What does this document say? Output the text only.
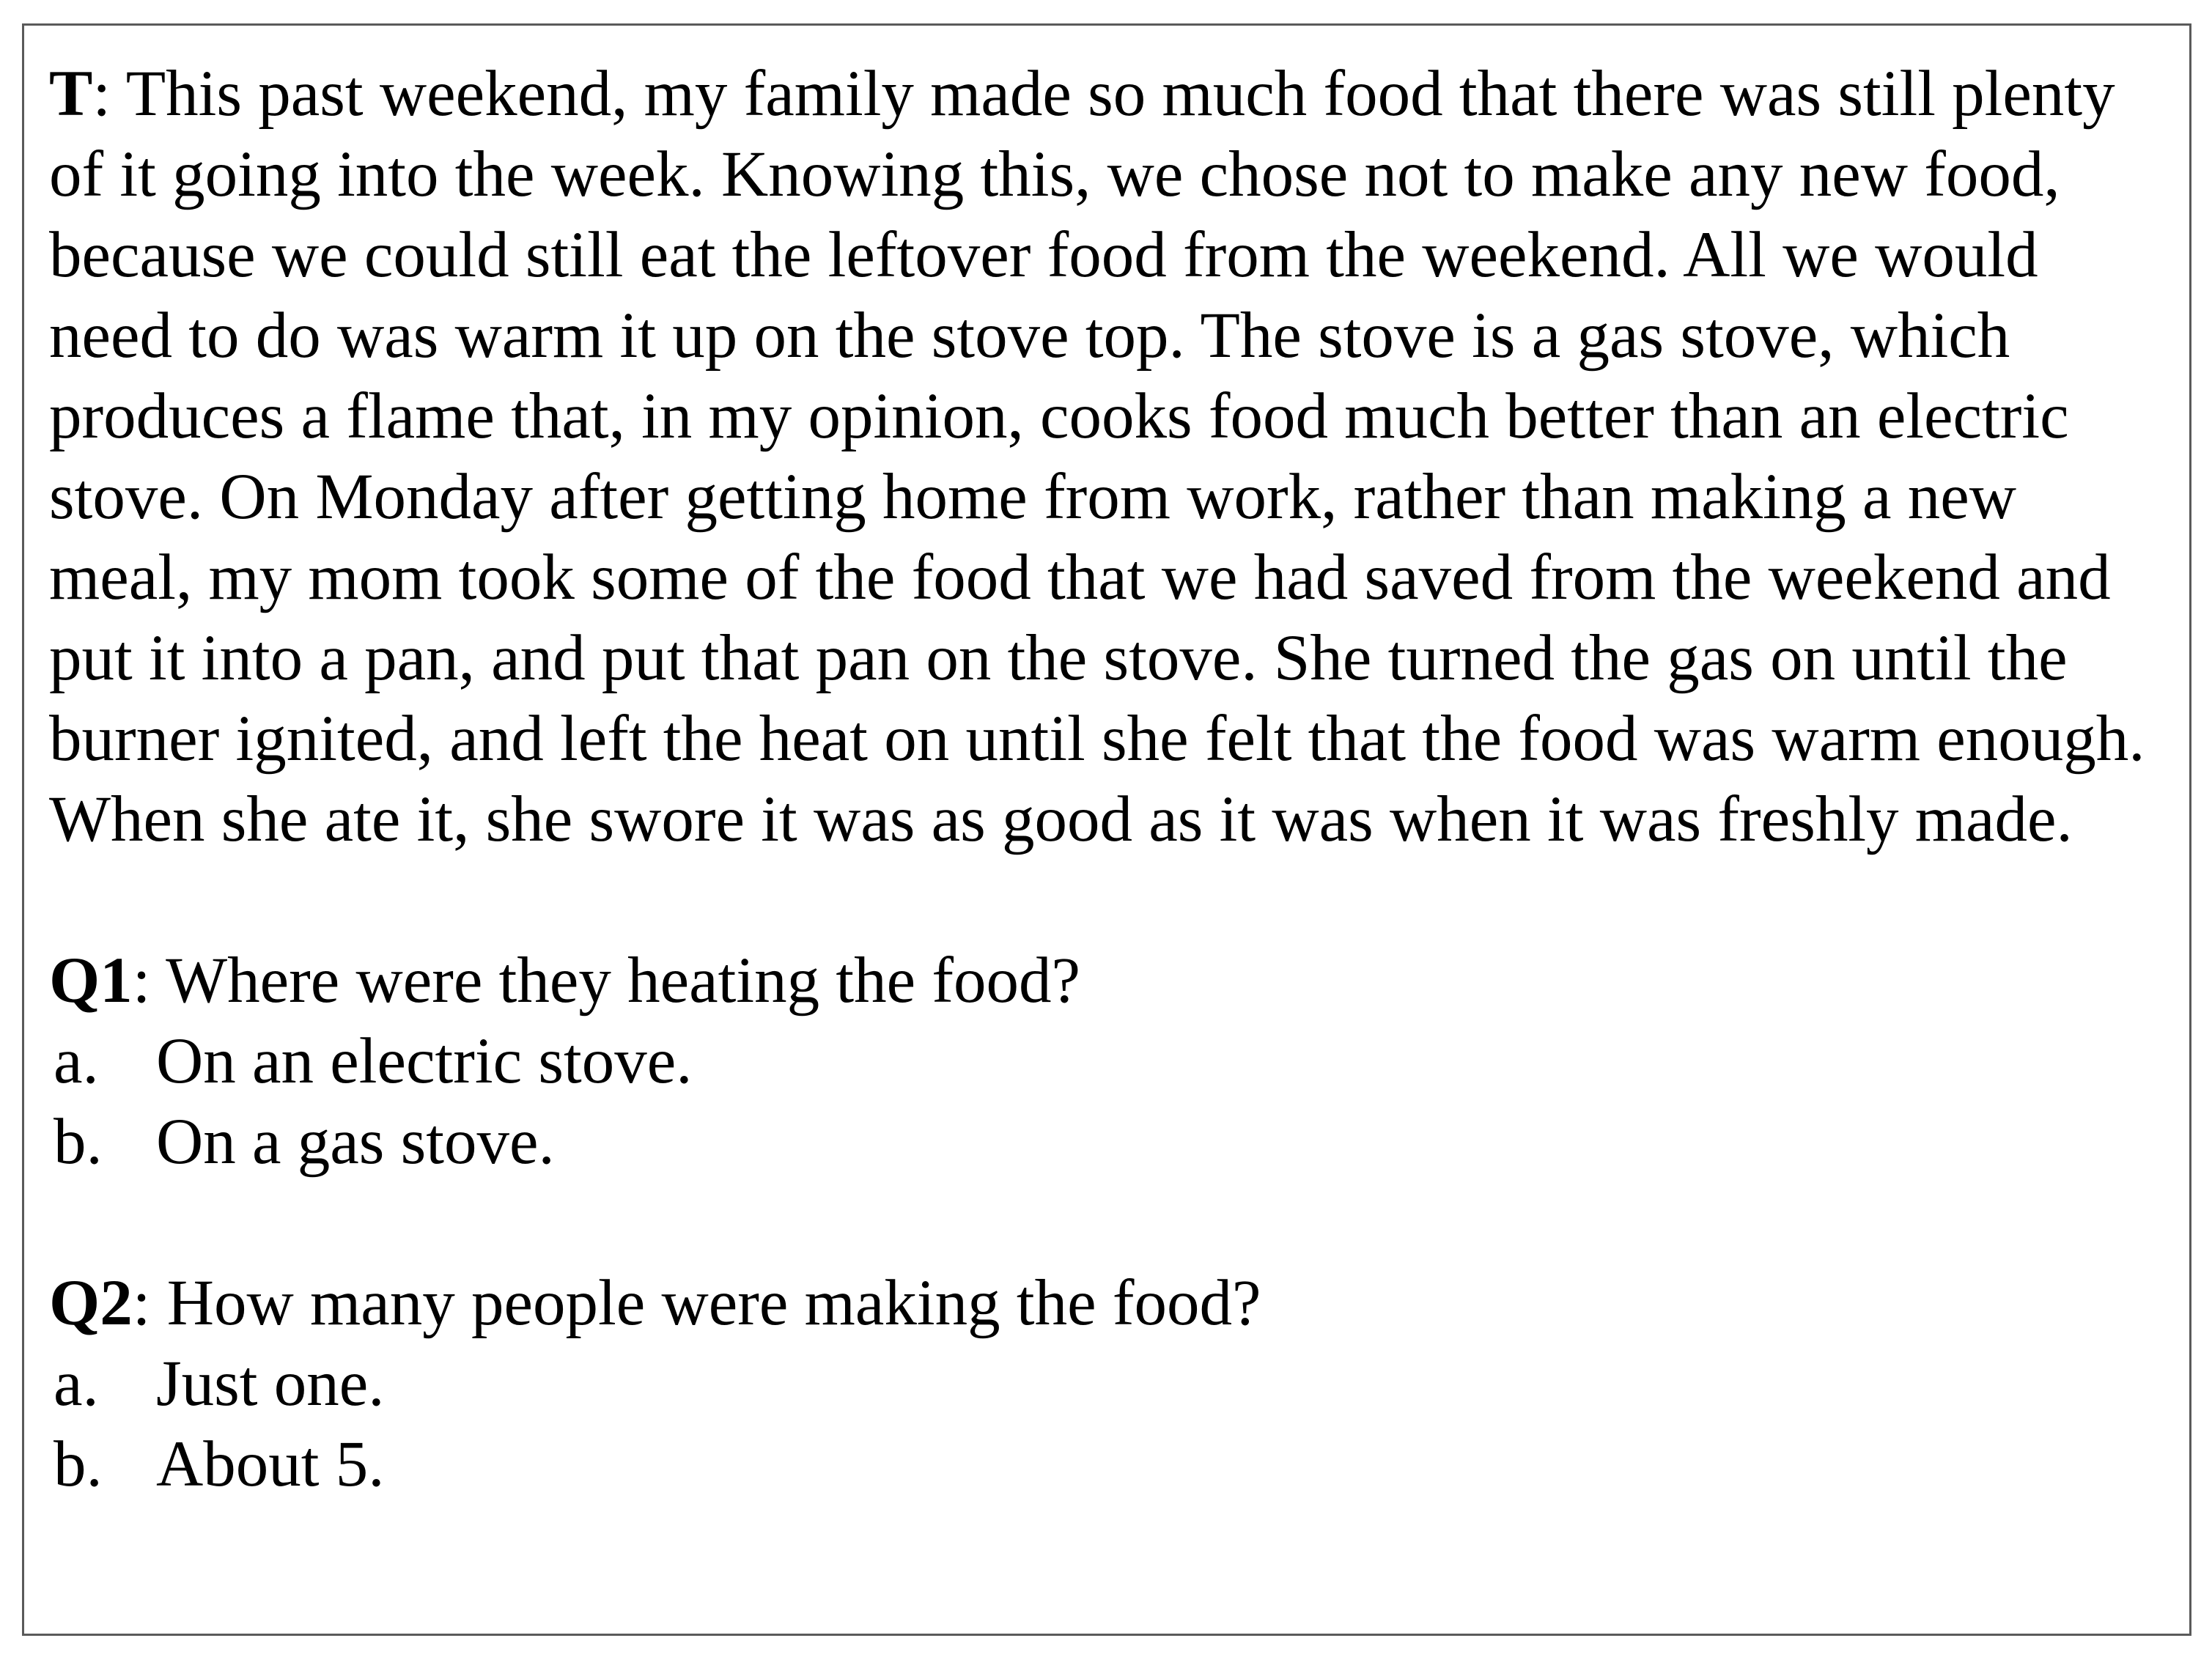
T: This past weekend, my family made so much food that there was still plenty of it going into the week. Knowing this, we chose not to make any new food, because we could still eat the leftover food from the weekend. All we would need to do was warm it up on the stove top. The stove is a gas stove, which produces a flame that, in my opinion, cooks food much better than an electric stove. On Monday after getting home from work, rather than making a new meal, my mom took some of the food that we had saved from the weekend and put it into a pan, and put that pan on the stove. She turned the gas on until the burner ignited, and left the heat on until she felt that the food was warm enough. When she ate it, she swore it was as good as it was when it was freshly made.

Q1: Where were they heating the food?

a. On an electric stove.

b. On a gas stove.

Q2: How many people were making the food?

a. Just one.

b. About 5.
